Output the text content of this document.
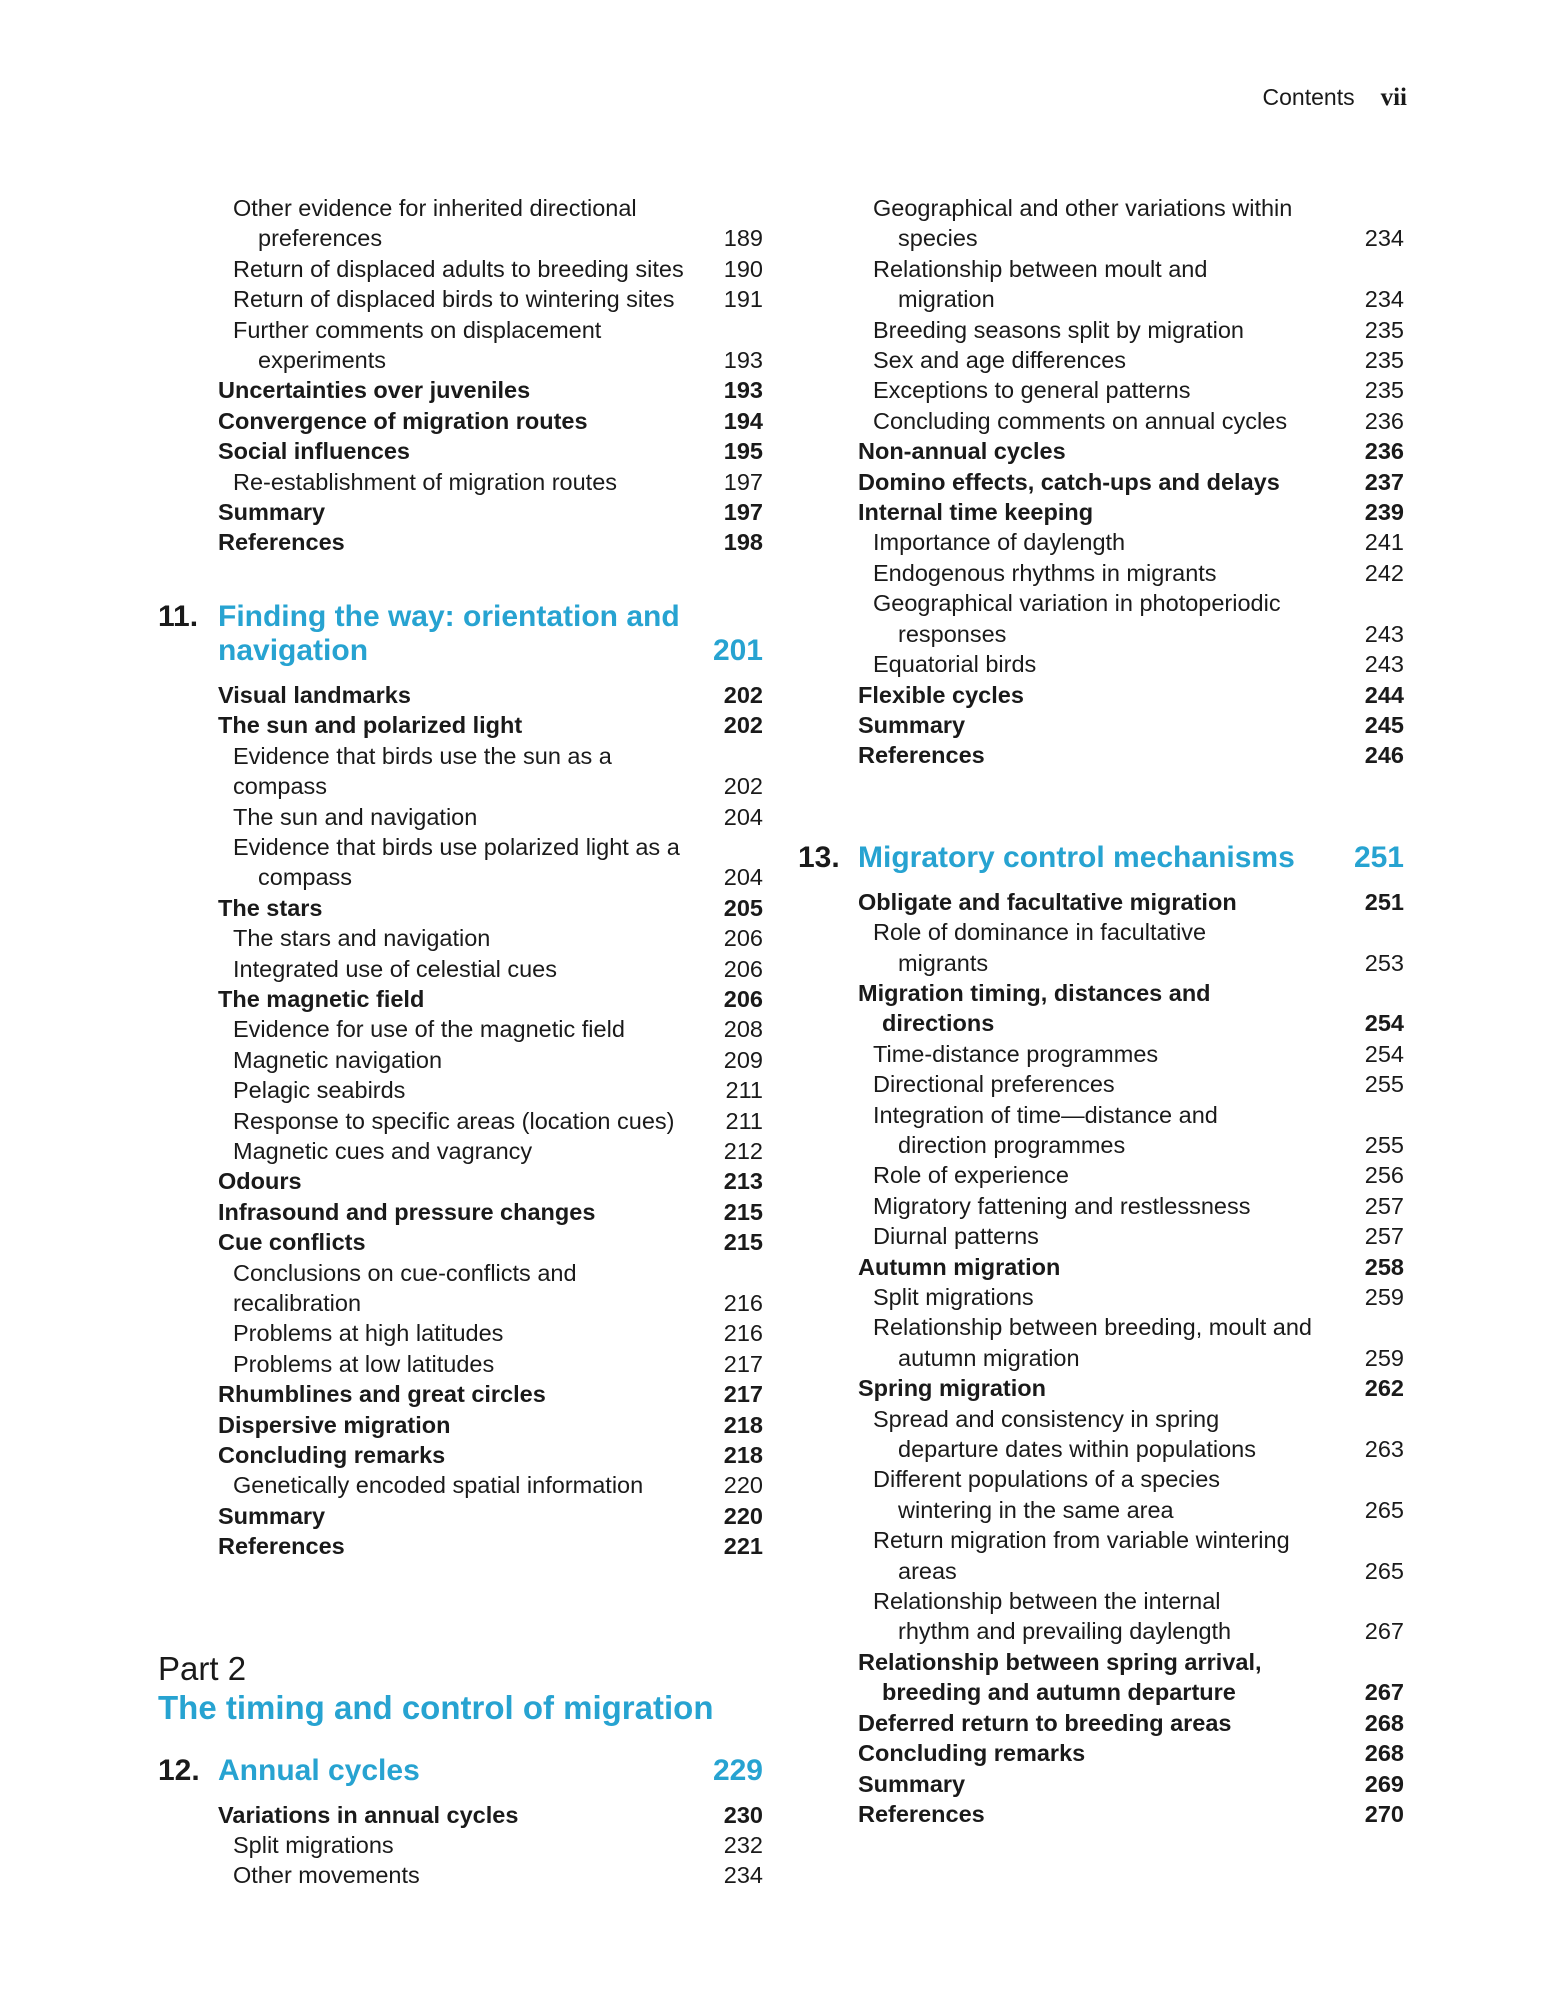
Contents vii
Other evidence for inherited directional
preferences	189
Return of displaced adults to breeding sites	190
Return of displaced birds to wintering sites	191
Further comments on displacement
experiments	193
Uncertainties over juveniles	193
Convergence of migration routes	194
Social influences	195
Re-establishment of migration routes	197
Summary	197
References	198
11. Finding the way: orientation and
navigation	201
Visual landmarks	202
The sun and polarized light	202
Evidence that birds use the sun as a compass	202
The sun and navigation	204
Evidence that birds use polarized light as a
compass	204
The stars	205
The stars and navigation	206
Integrated use of celestial cues	206
The magnetic field	206
Evidence for use of the magnetic field	208
Magnetic navigation	209
Pelagic seabirds	211
Response to specific areas (location cues)	211
Magnetic cues and vagrancy	212
Odours	213
Infrasound and pressure changes	215
Cue conflicts	215
Conclusions on cue-conflicts and recalibration	216
Problems at high latitudes	216
Problems at low latitudes	217
Rhumblines and great circles	217
Dispersive migration	218
Concluding remarks	218
Genetically encoded spatial information	220
Summary	220
References	221
Part 2
The timing and control of migration
12. Annual cycles	229
Variations in annual cycles	230
Split migrations	232
Other movements	234
Geographical and other variations within
species	234
Relationship between moult and
migration	234
Breeding seasons split by migration	235
Sex and age differences	235
Exceptions to general patterns	235
Concluding comments on annual cycles	236
Non-annual cycles	236
Domino effects, catch-ups and delays	237
Internal time keeping	239
Importance of daylength	241
Endogenous rhythms in migrants	242
Geographical variation in photoperiodic
responses	243
Equatorial birds	243
Flexible cycles	244
Summary	245
References	246
13. Migratory control mechanisms	251
Obligate and facultative migration	251
Role of dominance in facultative
migrants	253
Migration timing, distances and
directions	254
Time-distance programmes	254
Directional preferences	255
Integration of time—distance and
direction programmes	255
Role of experience	256
Migratory fattening and restlessness	257
Diurnal patterns	257
Autumn migration	258
Split migrations	259
Relationship between breeding, moult and
autumn migration	259
Spring migration	262
Spread and consistency in spring
departure dates within populations	263
Different populations of a species
wintering in the same area	265
Return migration from variable wintering
areas	265
Relationship between the internal
rhythm and prevailing daylength	267
Relationship between spring arrival,
breeding and autumn departure	267
Deferred return to breeding areas	268
Concluding remarks	268
Summary	269
References	270
